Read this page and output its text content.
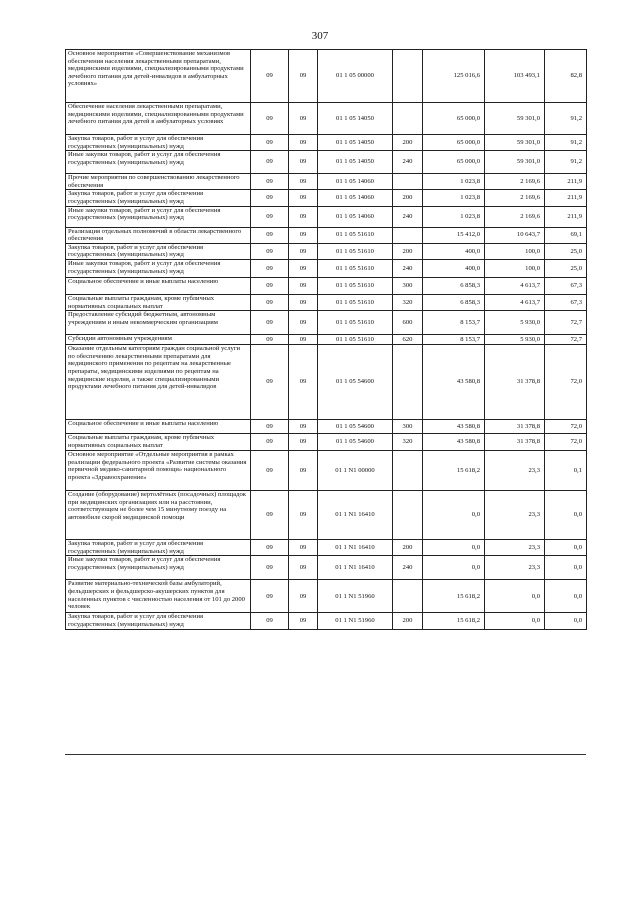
307
Основное мероприятие «Совершенствование механизмов обеспечения населения лекарственными препаратами, медицинскими изделиями, специализированными продуктами лечебного питания для детей-инвалидов в амбулаторных условиях»	09	09	01 1 05 00000		125 016,6	103 493,1	82,8
Обеспечение населения лекарственными препаратами, медицинскими изделиями, специализированными продуктами лечебного питания для детей в амбулаторных условиях	09	09	01 1 05 14050		65 000,0	59 301,0	91,2
Закупка товаров, работ и услуг для обеспечения государственных (муниципальных) нужд	09	09	01 1 05 14050	200	65 000,0	59 301,0	91,2
Иные закупки товаров, работ и услуг для обеспечения государственных (муниципальных) нужд	09	09	01 1 05 14050	240	65 000,0	59 301,0	91,2
Прочие мероприятия по совершенствованию лекарственного обеспечения	09	09	01 1 05 14060		1 023,8	2 169,6	211,9
Закупка товаров, работ и услуг для обеспечения государственных (муниципальных) нужд	09	09	01 1 05 14060	200	1 023,8	2 169,6	211,9
Иные закупки товаров, работ и услуг для обеспечения государственных (муниципальных) нужд	09	09	01 1 05 14060	240	1 023,8	2 169,6	211,9
Реализация отдельных полномочий в области лекарственного обеспечения	09	09	01 1 05 51610		15 412,0	10 643,7	69,1
Закупка товаров, работ и услуг для обеспечения государственных (муниципальных) нужд	09	09	01 1 05 51610	200	400,0	100,0	25,0
Иные закупки товаров, работ и услуг для обеспечения государственных (муниципальных) нужд	09	09	01 1 05 51610	240	400,0	100,0	25,0
Социальное обеспечение и иные выплаты населению	09	09	01 1 05 51610	300	6 858,3	4 613,7	67,3
Социальные выплаты гражданам, кроме публичных нормативных социальных выплат	09	09	01 1 05 51610	320	6 858,3	4 613,7	67,3
Предоставление субсидий бюджетным, автономным учреждениям и иным некоммерческим организациям	09	09	01 1 05 51610	600	8 153,7	5 930,0	72,7
Субсидии автономным учреждениям	09	09	01 1 05 51610	620	8 153,7	5 930,0	72,7
Оказание отдельным категориям граждан социальной услуги по обеспечению лекарственными препаратами для медицинского применения по рецептам на лекарственные препараты, медицинскими изделиями по рецептам на медицинские изделия, а также специализированными продуктами лечебного питания для детей-инвалидов	09	09	01 1 05 54600		43 580,8	31 378,8	72,0
Социальное обеспечение и иные выплаты населению	09	09	01 1 05 54600	300	43 580,8	31 378,8	72,0
Социальные выплаты гражданам, кроме публичных нормативных социальных выплат	09	09	01 1 05 54600	320	43 580,8	31 378,8	72,0
Основное мероприятие «Отдельные мероприятия в рамках реализации федерального проекта «Развитие системы оказания первичной медико-санитарной помощи» национального проекта «Здравоохранение»	09	09	01 1 N1 00000		15 618,2	23,3	0,1
Создание (оборудование) вертолётных (посадочных) площадок при медицинских организациях или на расстоянии, соответствующем не более чем 15 минутному поезду на автомобиле скорой медицинской помощи	09	09	01 1 N1 16410		0,0	23,3	0,0
Закупка товаров, работ и услуг для обеспечения государственных (муниципальных) нужд	09	09	01 1 N1 16410	200	0,0	23,3	0,0
Иные закупки товаров, работ и услуг для обеспечения государственных (муниципальных) нужд	09	09	01 1 N1 16410	240	0,0	23,3	0,0
Развитие материально-технической базы амбулаторий, фельдшерских и фельдшерско-акушерских пунктов для населенных пунктов с численностью населения от 101 до 2000 человек	09	09	01 1 N1 51960		15 618,2	0,0	0,0
Закупка товаров, работ и услуг для обеспечения государственных (муниципальных) нужд	09	09	01 1 N1 51960	200	15 618,2	0,0	0,0
